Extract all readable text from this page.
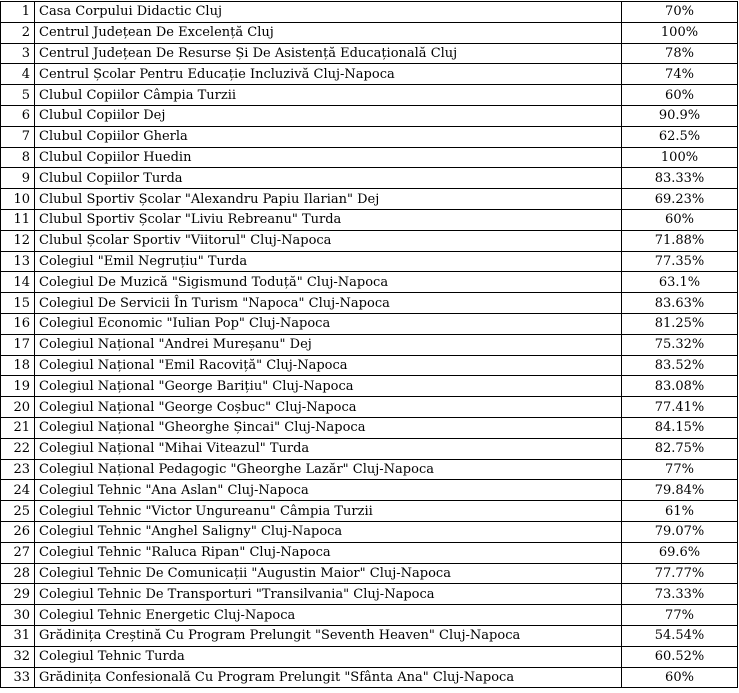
1	Casa Corpului Didactic Cluj	70%
2	Centrul Județean De Excelență Cluj	100%
3	Centrul Județean De Resurse Și De Asistență Educațională Cluj	78%
4	Centrul Școlar Pentru Educație Incluzivă Cluj-Napoca	74%
5	Clubul Copiilor Câmpia Turzii	60%
6	Clubul Copiilor Dej	90.9%
7	Clubul Copiilor Gherla	62.5%
8	Clubul Copiilor Huedin	100%
9	Clubul Copiilor Turda	83.33%
10	Clubul Sportiv Școlar "Alexandru Papiu Ilarian" Dej	69.23%
11	Clubul Sportiv Școlar "Liviu Rebreanu" Turda	60%
12	Clubul Școlar Sportiv "Viitorul" Cluj-Napoca	71.88%
13	Colegiul "Emil Negruțiu" Turda	77.35%
14	Colegiul De Muzică "Sigismund Toduță" Cluj-Napoca	63.1%
15	Colegiul De Servicii În Turism "Napoca" Cluj-Napoca	83.63%
16	Colegiul Economic "Iulian Pop" Cluj-Napoca	81.25%
17	Colegiul Național "Andrei Mureșanu" Dej	75.32%
18	Colegiul Național "Emil Racoviță" Cluj-Napoca	83.52%
19	Colegiul Național "George Barițiu" Cluj-Napoca	83.08%
20	Colegiul Național "George Coșbuc" Cluj-Napoca	77.41%
21	Colegiul Național "Gheorghe Șincai" Cluj-Napoca	84.15%
22	Colegiul Național "Mihai Viteazul" Turda	82.75%
23	Colegiul Național Pedagogic "Gheorghe Lazăr" Cluj-Napoca	77%
24	Colegiul Tehnic "Ana Aslan" Cluj-Napoca	79.84%
25	Colegiul Tehnic "Victor Ungureanu" Câmpia Turzii	61%
26	Colegiul Tehnic "Anghel Saligny" Cluj-Napoca	79.07%
27	Colegiul Tehnic "Raluca Ripan" Cluj-Napoca	69.6%
28	Colegiul Tehnic De Comunicații "Augustin Maior" Cluj-Napoca	77.77%
29	Colegiul Tehnic De Transporturi "Transilvania" Cluj-Napoca	73.33%
30	Colegiul Tehnic Energetic Cluj-Napoca	77%
31	Grădinița Creștină Cu Program Prelungit "Seventh Heaven" Cluj-Napoca	54.54%
32	Colegiul Tehnic Turda	60.52%
33	Grădinița Confesională Cu Program Prelungit "Sfânta Ana" Cluj-Napoca	60%
